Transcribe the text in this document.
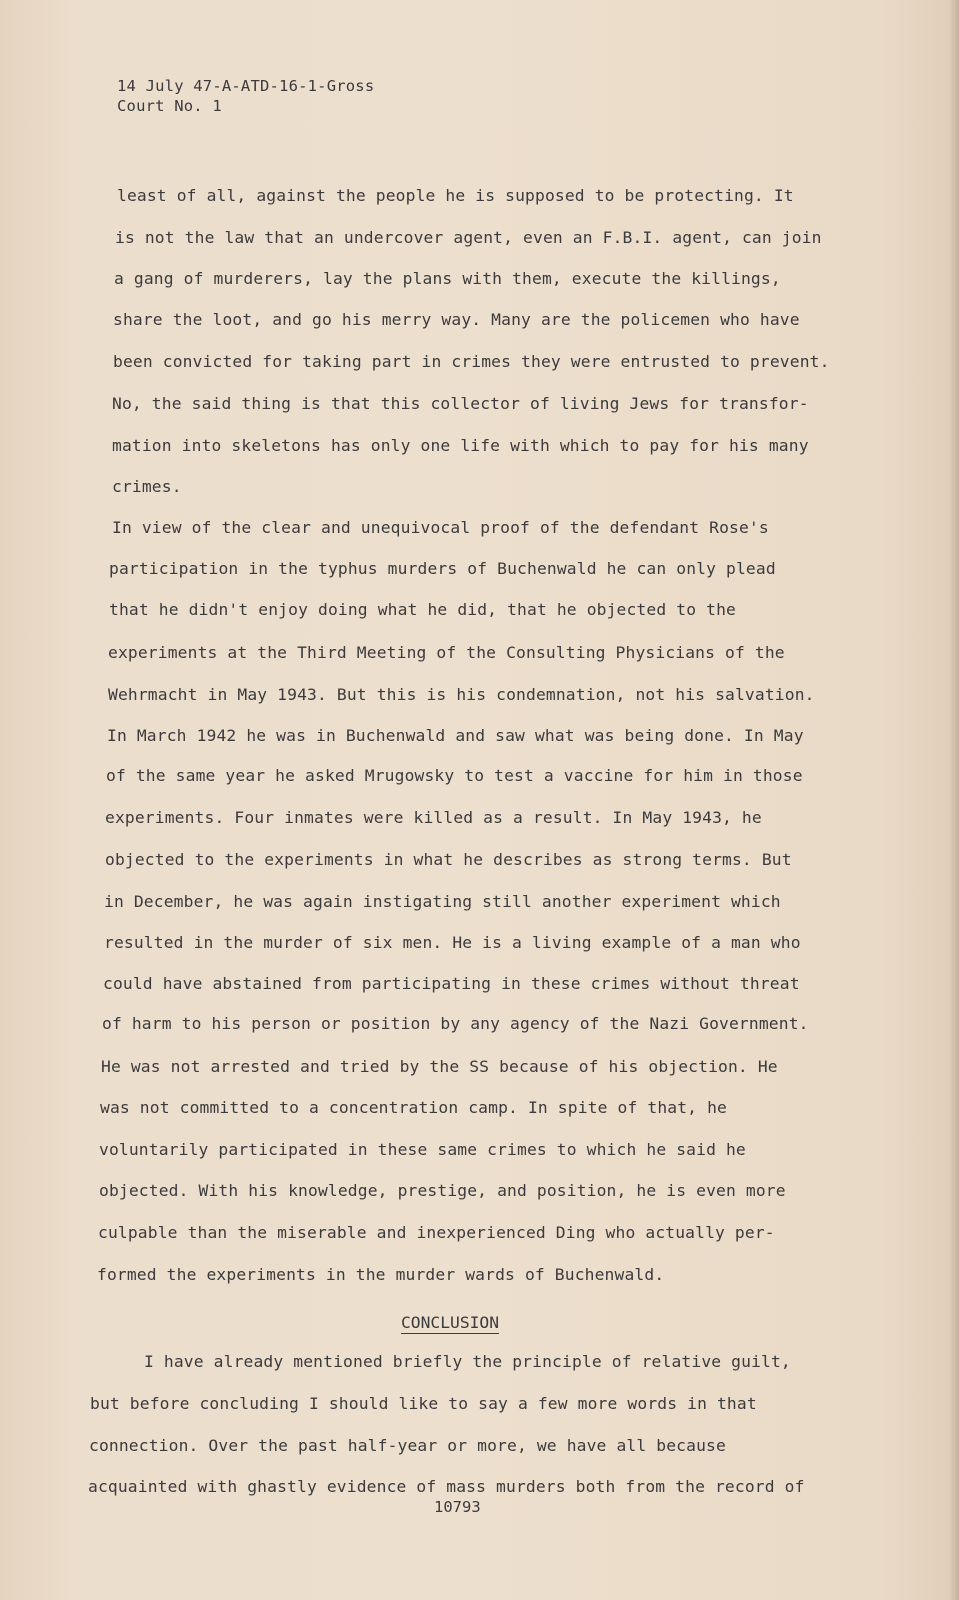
14 July 47-A-ATD-16-1-Gross
Court No. 1
least of all, against the people he is supposed to be protecting. It
is not the law that an undercover agent, even an F.B.I. agent, can join
a gang of murderers, lay the plans with them, execute the killings,
share the loot, and go his merry way. Many are the policemen who have
been convicted for taking part in crimes they were entrusted to prevent.
No, the said thing is that this collector of living Jews for transfor-
mation into skeletons has only one life with which to pay for his many
crimes.
In view of the clear and unequivocal proof of the defendant Rose's
participation in the typhus murders of Buchenwald he can only plead
that he didn't enjoy doing what he did, that he objected to the
experiments at the Third Meeting of the Consulting Physicians of the
Wehrmacht in May 1943. But this is his condemnation, not his salvation.
In March 1942 he was in Buchenwald and saw what was being done. In May
of the same year he asked Mrugowsky to test a vaccine for him in those
experiments. Four inmates were killed as a result. In May 1943, he
objected to the experiments in what he describes as strong terms. But
in December, he was again instigating still another experiment which
resulted in the murder of six men. He is a living example of a man who
could have abstained from participating in these crimes without threat
of harm to his person or position by any agency of the Nazi Government.
He was not arrested and tried by the SS because of his objection. He
was not committed to a concentration camp. In spite of that, he
voluntarily participated in these same crimes to which he said he
objected. With his knowledge, prestige, and position, he is even more
culpable than the miserable and inexperienced Ding who actually per-
formed the experiments in the murder wards of Buchenwald.
CONCLUSION
I have already mentioned briefly the principle of relative guilt,
but before concluding I should like to say a few more words in that
connection. Over the past half-year or more, we have all because
acquainted with ghastly evidence of mass murders both from the record of
10793
